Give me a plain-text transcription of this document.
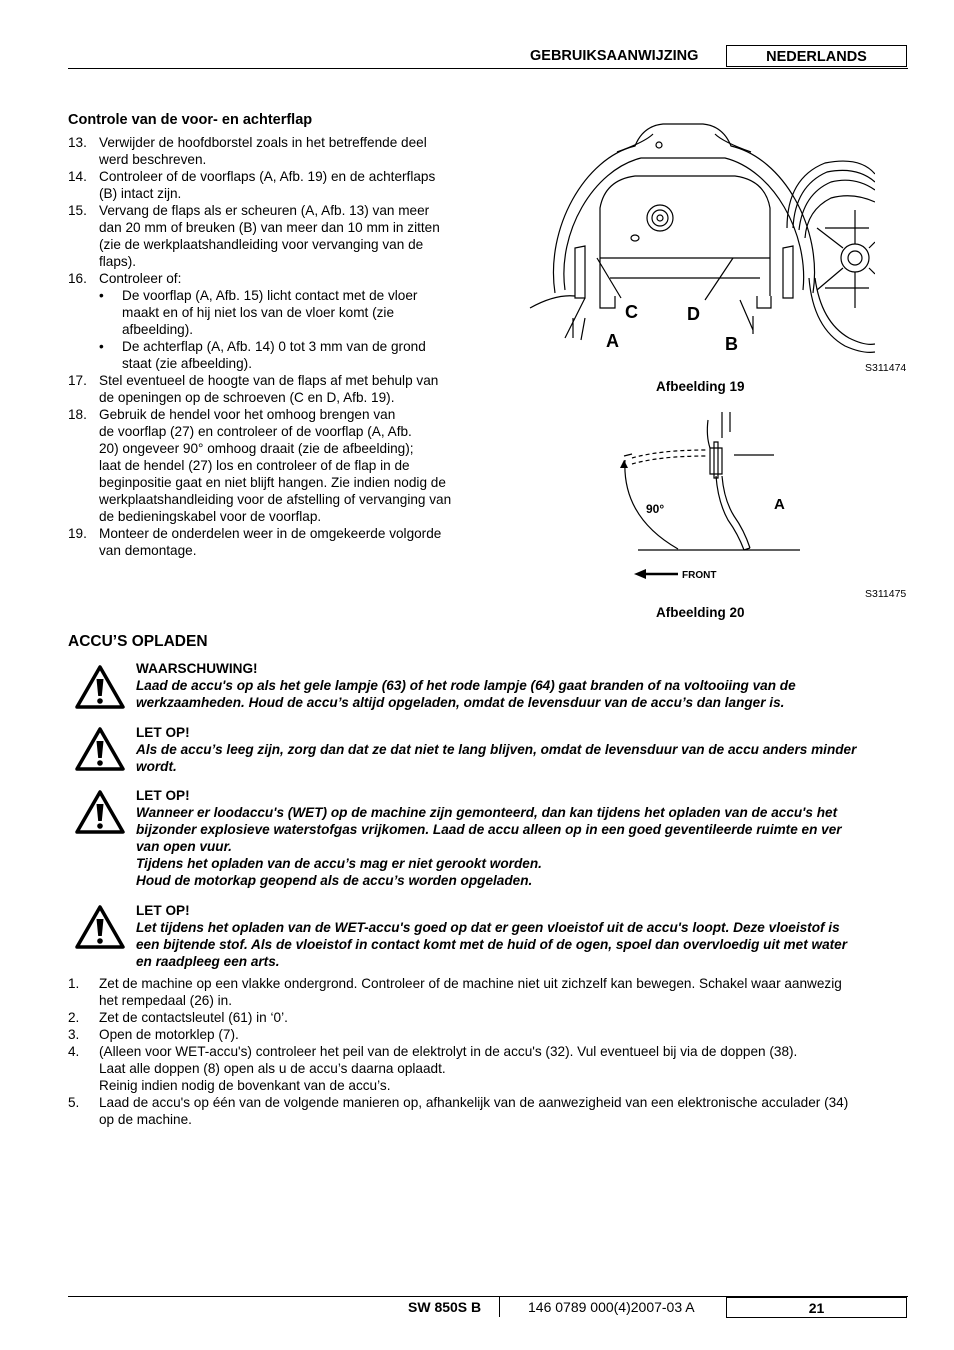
GEBRUIKSAANWIJZING	NEDERLANDS
Controle van de voor- en achterflap
13. Verwijder de hoofdborstel zoals in het betreffende deel
werd beschreven.
14. Controleer of de voorflaps (A, Afb. 19) en de achterflaps
(B) intact zijn.
15. Vervang de flaps als er scheuren (A, Afb. 13) van meer
dan 20 mm of breuken (B) van meer dan 10 mm in zitten
(zie de werkplaatshandleiding voor vervanging van de
flaps).
16. Controleer of:
• De voorflap (A, Afb. 15) licht contact met de vloer
maakt en of hij niet los van de vloer komt (zie
afbeelding).
• De achterflap (A, Afb. 14) 0 tot 3 mm van de grond
staat (zie afbeelding).
17. Stel eventueel de hoogte van de flaps af met behulp van
de openingen op de schroeven (C en D, Afb. 19).
18. Gebruik de hendel voor het omhoog brengen van
de voorflap (27) en controleer of de voorflap (A, Afb.
20) ongeveer 90° omhoog draait (zie de afbeelding);
laat de hendel (27) los en controleer of de flap in de
beginpositie gaat en niet blijft hangen. Zie indien nodig de
werkplaatshandleiding voor de afstelling of vervanging van
de bedieningskabel voor de voorflap.
19. Monteer de onderdelen weer in de omgekeerde volgorde
van demontage.
C	D
A	B
S311474
Afbeelding 19
90°	A
FRONT
S311475
Afbeelding 20
ACCU’S OPLADEN
WAARSCHUWING!
Laad de accu's op als het gele lampje (63) of het rode lampje (64) gaat branden of na voltooiing van de
werkzaamheden. Houd de accu’s altijd opgeladen, omdat de levensduur van de accu’s dan langer is.
LET OP!
Als de accu’s leeg zijn, zorg dan dat ze dat niet te lang blijven, omdat de levensduur van de accu anders minder
wordt.
LET OP!
Wanneer er loodaccu's (WET) op de machine zijn gemonteerd, dan kan tijdens het opladen van de accu's het
bijzonder explosieve waterstofgas vrijkomen. Laad de accu alleen op in een goed geventileerde ruimte en ver
van open vuur.
Tijdens het opladen van de accu’s mag er niet gerookt worden.
Houd de motorkap geopend als de accu’s worden opgeladen.
LET OP!
Let tijdens het opladen van de WET-accu's goed op dat er geen vloeistof uit de accu's loopt. Deze vloeistof is
een bijtende stof. Als de vloeistof in contact komt met de huid of de ogen, spoel dan overvloedig uit met water
en raadpleeg een arts.
1. Zet de machine op een vlakke ondergrond. Controleer of de machine niet uit zichzelf kan bewegen. Schakel waar aanwezig
het rempedaal (26) in.
2. Zet de contactsleutel (61) in ‘0’.
3. Open de motorklep (7).
4. (Alleen voor WET-accu's) controleer het peil van de elektrolyt in de accu's (32). Vul eventueel bij via de doppen (38).
Laat alle doppen (8) open als u de accu’s daarna oplaadt.
Reinig indien nodig de bovenkant van de accu’s.
5. Laad de accu's op één van de volgende manieren op, afhankelijk van de aanwezigheid van een elektronische acculader (34)
op de machine.
SW 850S B	146 0789 000(4)2007-03 A	21
